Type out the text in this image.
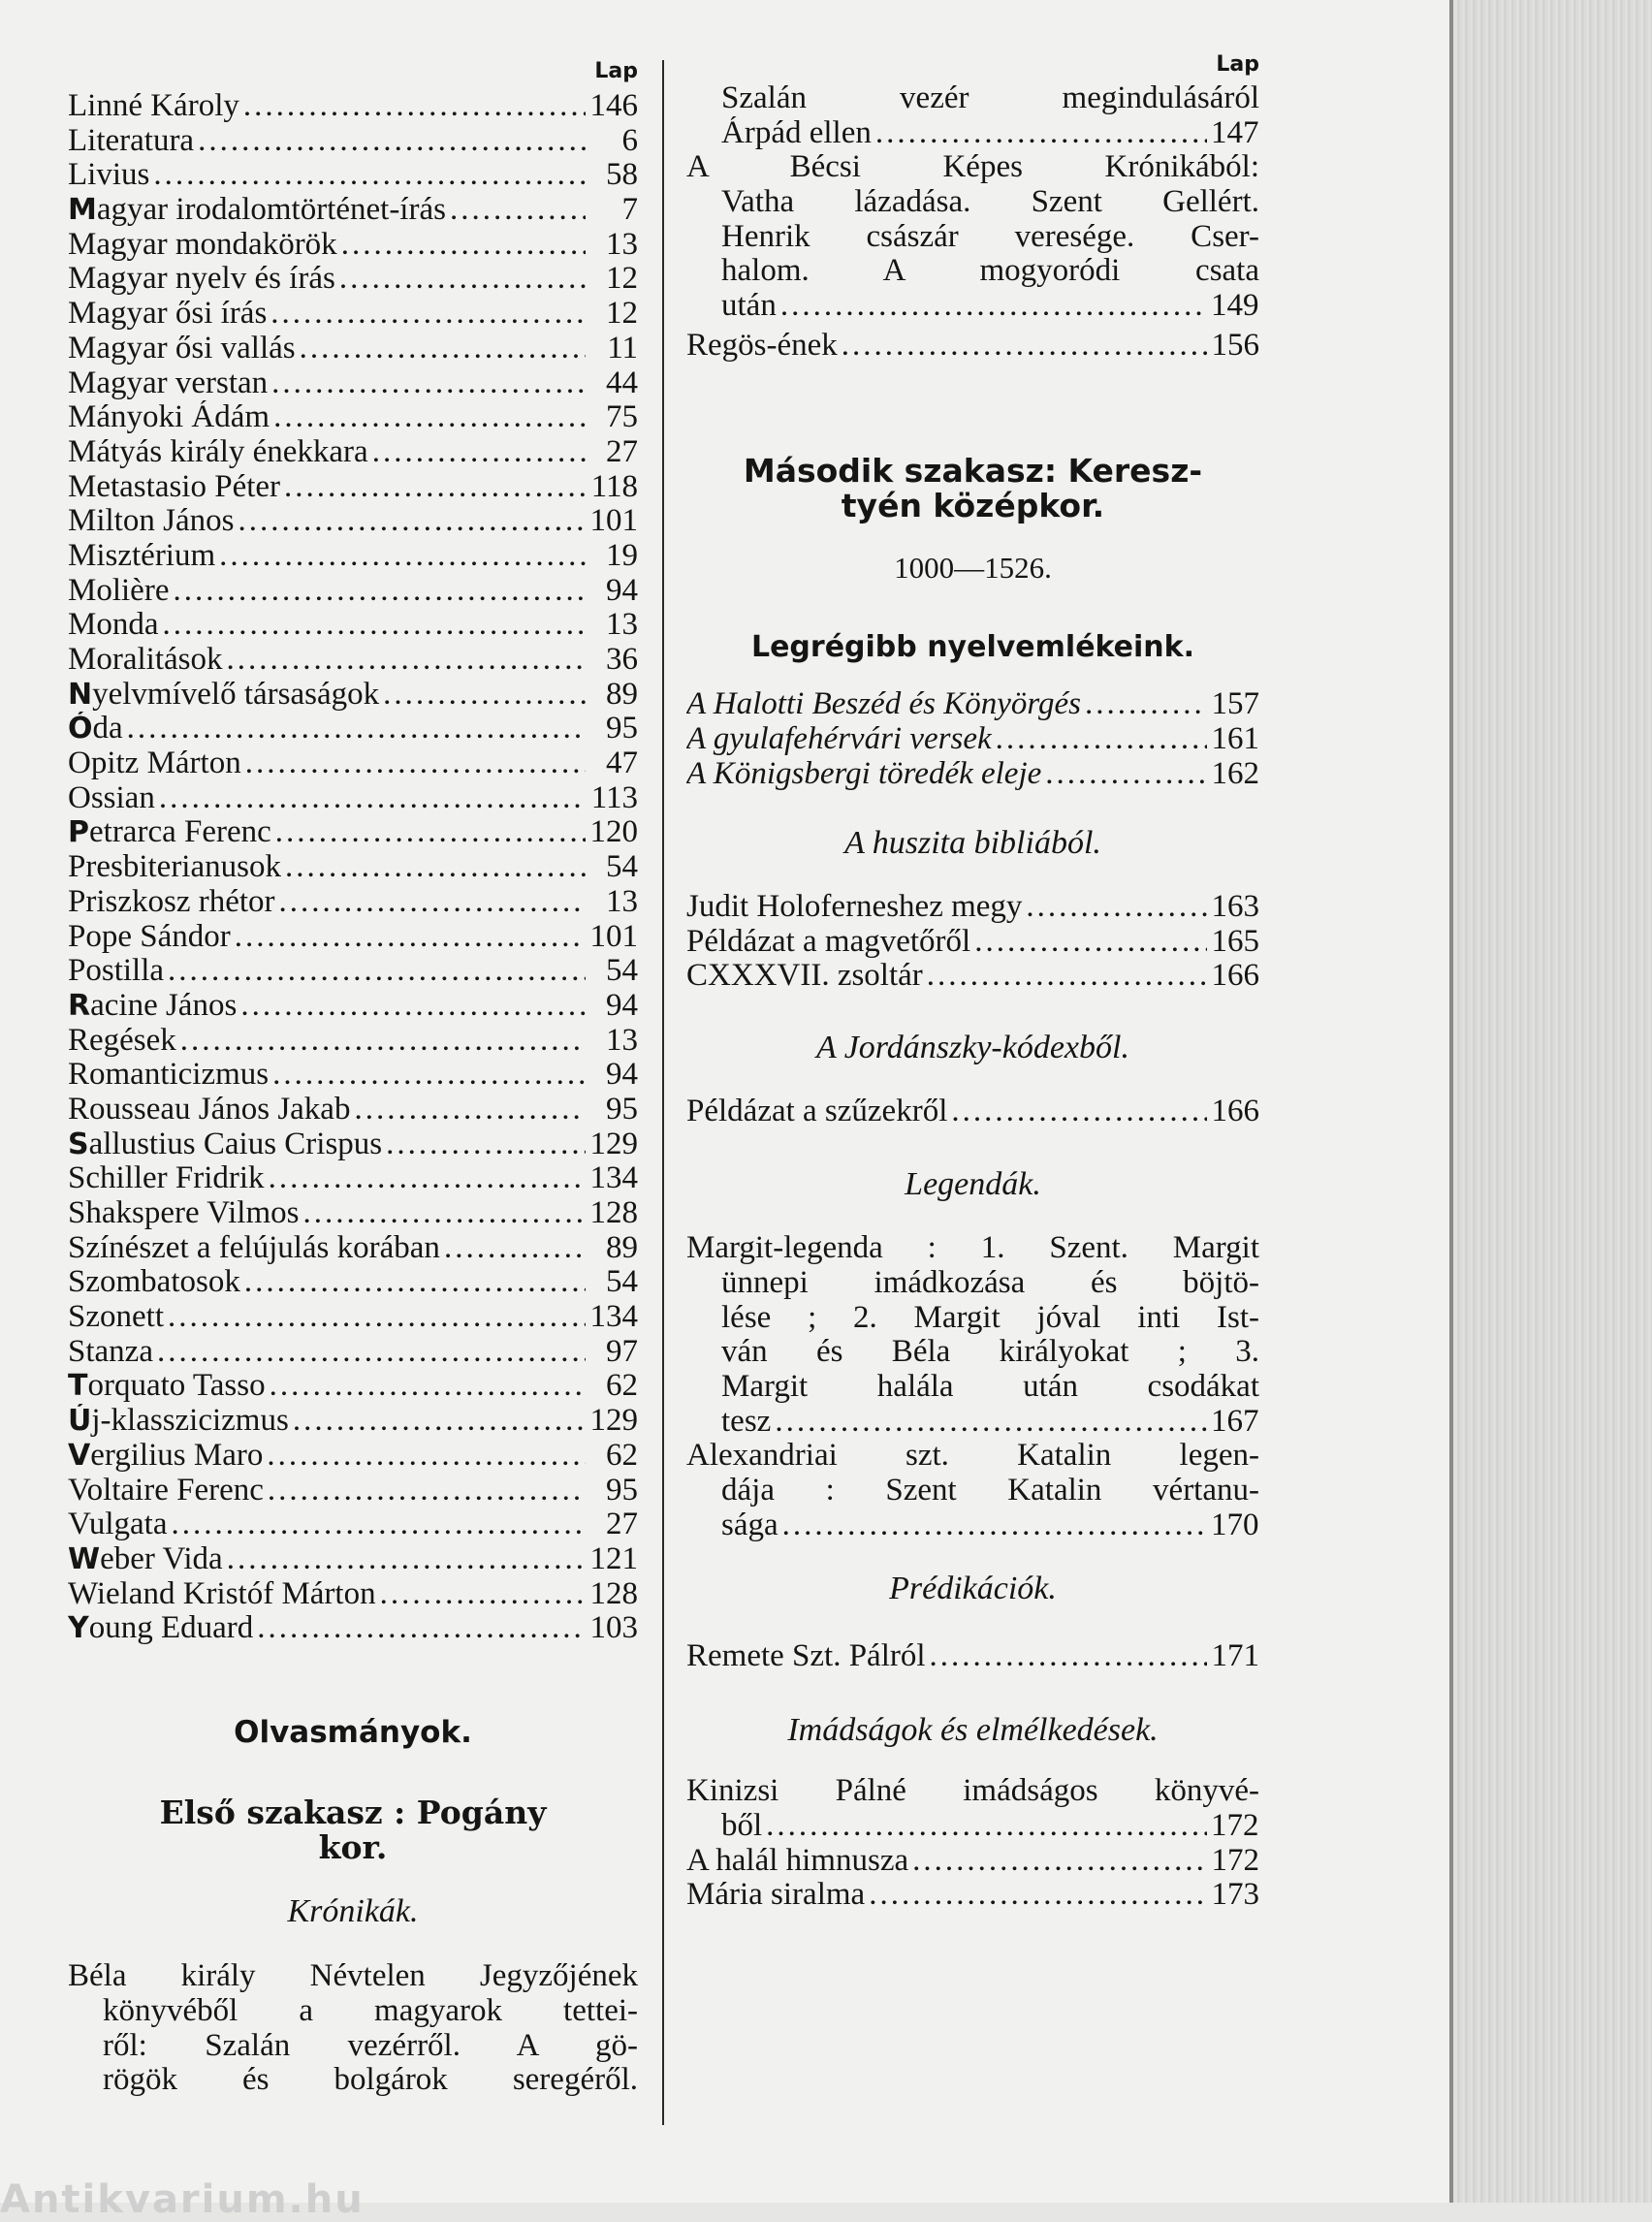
Lap
Linné Károly .....	146
Literatura .....	6
Livius .....	58
Magyar irodalomtörténet-írás .....	7
Magyar mondakörök .....	13
Magyar nyelv és írás .....	12
Magyar ősi írás .....	12
Magyar ősi vallás .....	11
Magyar verstan .....	44
Mányoki Ádám .....	75
Mátyás király énekkara .....	27
Metastasio Péter .....	118
Milton János .....	101
Misztérium .....	19
Molière .....	94
Monda .....	13
Moralitások .....	36
Nyelvmívelő társaságok .....	89
Óda .....	95
Opitz Márton .....	47
Ossian .....	113
Petrarca Ferenc .....	120
Presbiterianusok .....	54
Priszkosz rhétor .....	13
Pope Sándor .....	101
Postilla .....	54
Racine János .....	94
Regések .....	13
Romanticizmus .....	94
Rousseau János Jakab .....	95
Sallustius Caius Crispus .....	129
Schiller Fridrik .....	134
Shakspere Vilmos .....	128
Színészet a felújulás korában .....	89
Szombatosok .....	54
Szonett .....	134
Stanza .....	97
Torquato Tasso .....	62
Új-klasszicizmus .....	129
Vergilius Maro .....	62
Voltaire Ferenc .....	95
Vulgata .....	27
Weber Vida .....	121
Wieland Kristóf Márton .....	128
Young Eduard .....	103
Olvasmányok.
Első szakasz : Pogány
kor.
Krónikák.
Béla király Névtelen Jegyzőjének
könyvéből a magyarok tettei-
ről: Szalán vezérről. A gö-
rögök és bolgárok seregéről.
Lap
Szalán vezér megindulásáról
Árpád ellen .....	147
A Bécsi Képes Krónikából:
Vatha lázadása. Szent Gellért.
Henrik császár veresége. Cser-
halom. A mogyoródi csata
után .....	149
Regös-ének .....	156
Második szakasz: Keresz-
tyén középkor.
1000—1526.
Legrégibb nyelvemlékeink.
A Halotti Beszéd és Könyörgés .....	157
A gyulafehérvári versek .....	161
A Königsbergi töredék eleje .....	162
A huszita bibliából.
Judit Holoferneshez megy .....	163
Példázat a magvetőről .....	165
CXXXVII. zsoltár .....	166
A Jordánszky-kódexből.
Példázat a szűzekről .....	166
Legendák.
Margit-legenda : 1. Szent. Margit
ünnepi imádkozása és böjtö-
lése ; 2. Margit jóval inti Ist-
ván és Béla királyokat ; 3.
Margit halála után csodákat
tesz .....	167
Alexandriai szt. Katalin legen-
dája : Szent Katalin vértanu-
sága .....	170
Prédikációk.
Remete Szt. Pálról .....	171
Imádságok és elmélkedések.
Kinizsi Pálné imádságos könyvé-
ből .....	172
A halál himnusza .....	172
Mária siralma .....	173
Antikvarium.hu
